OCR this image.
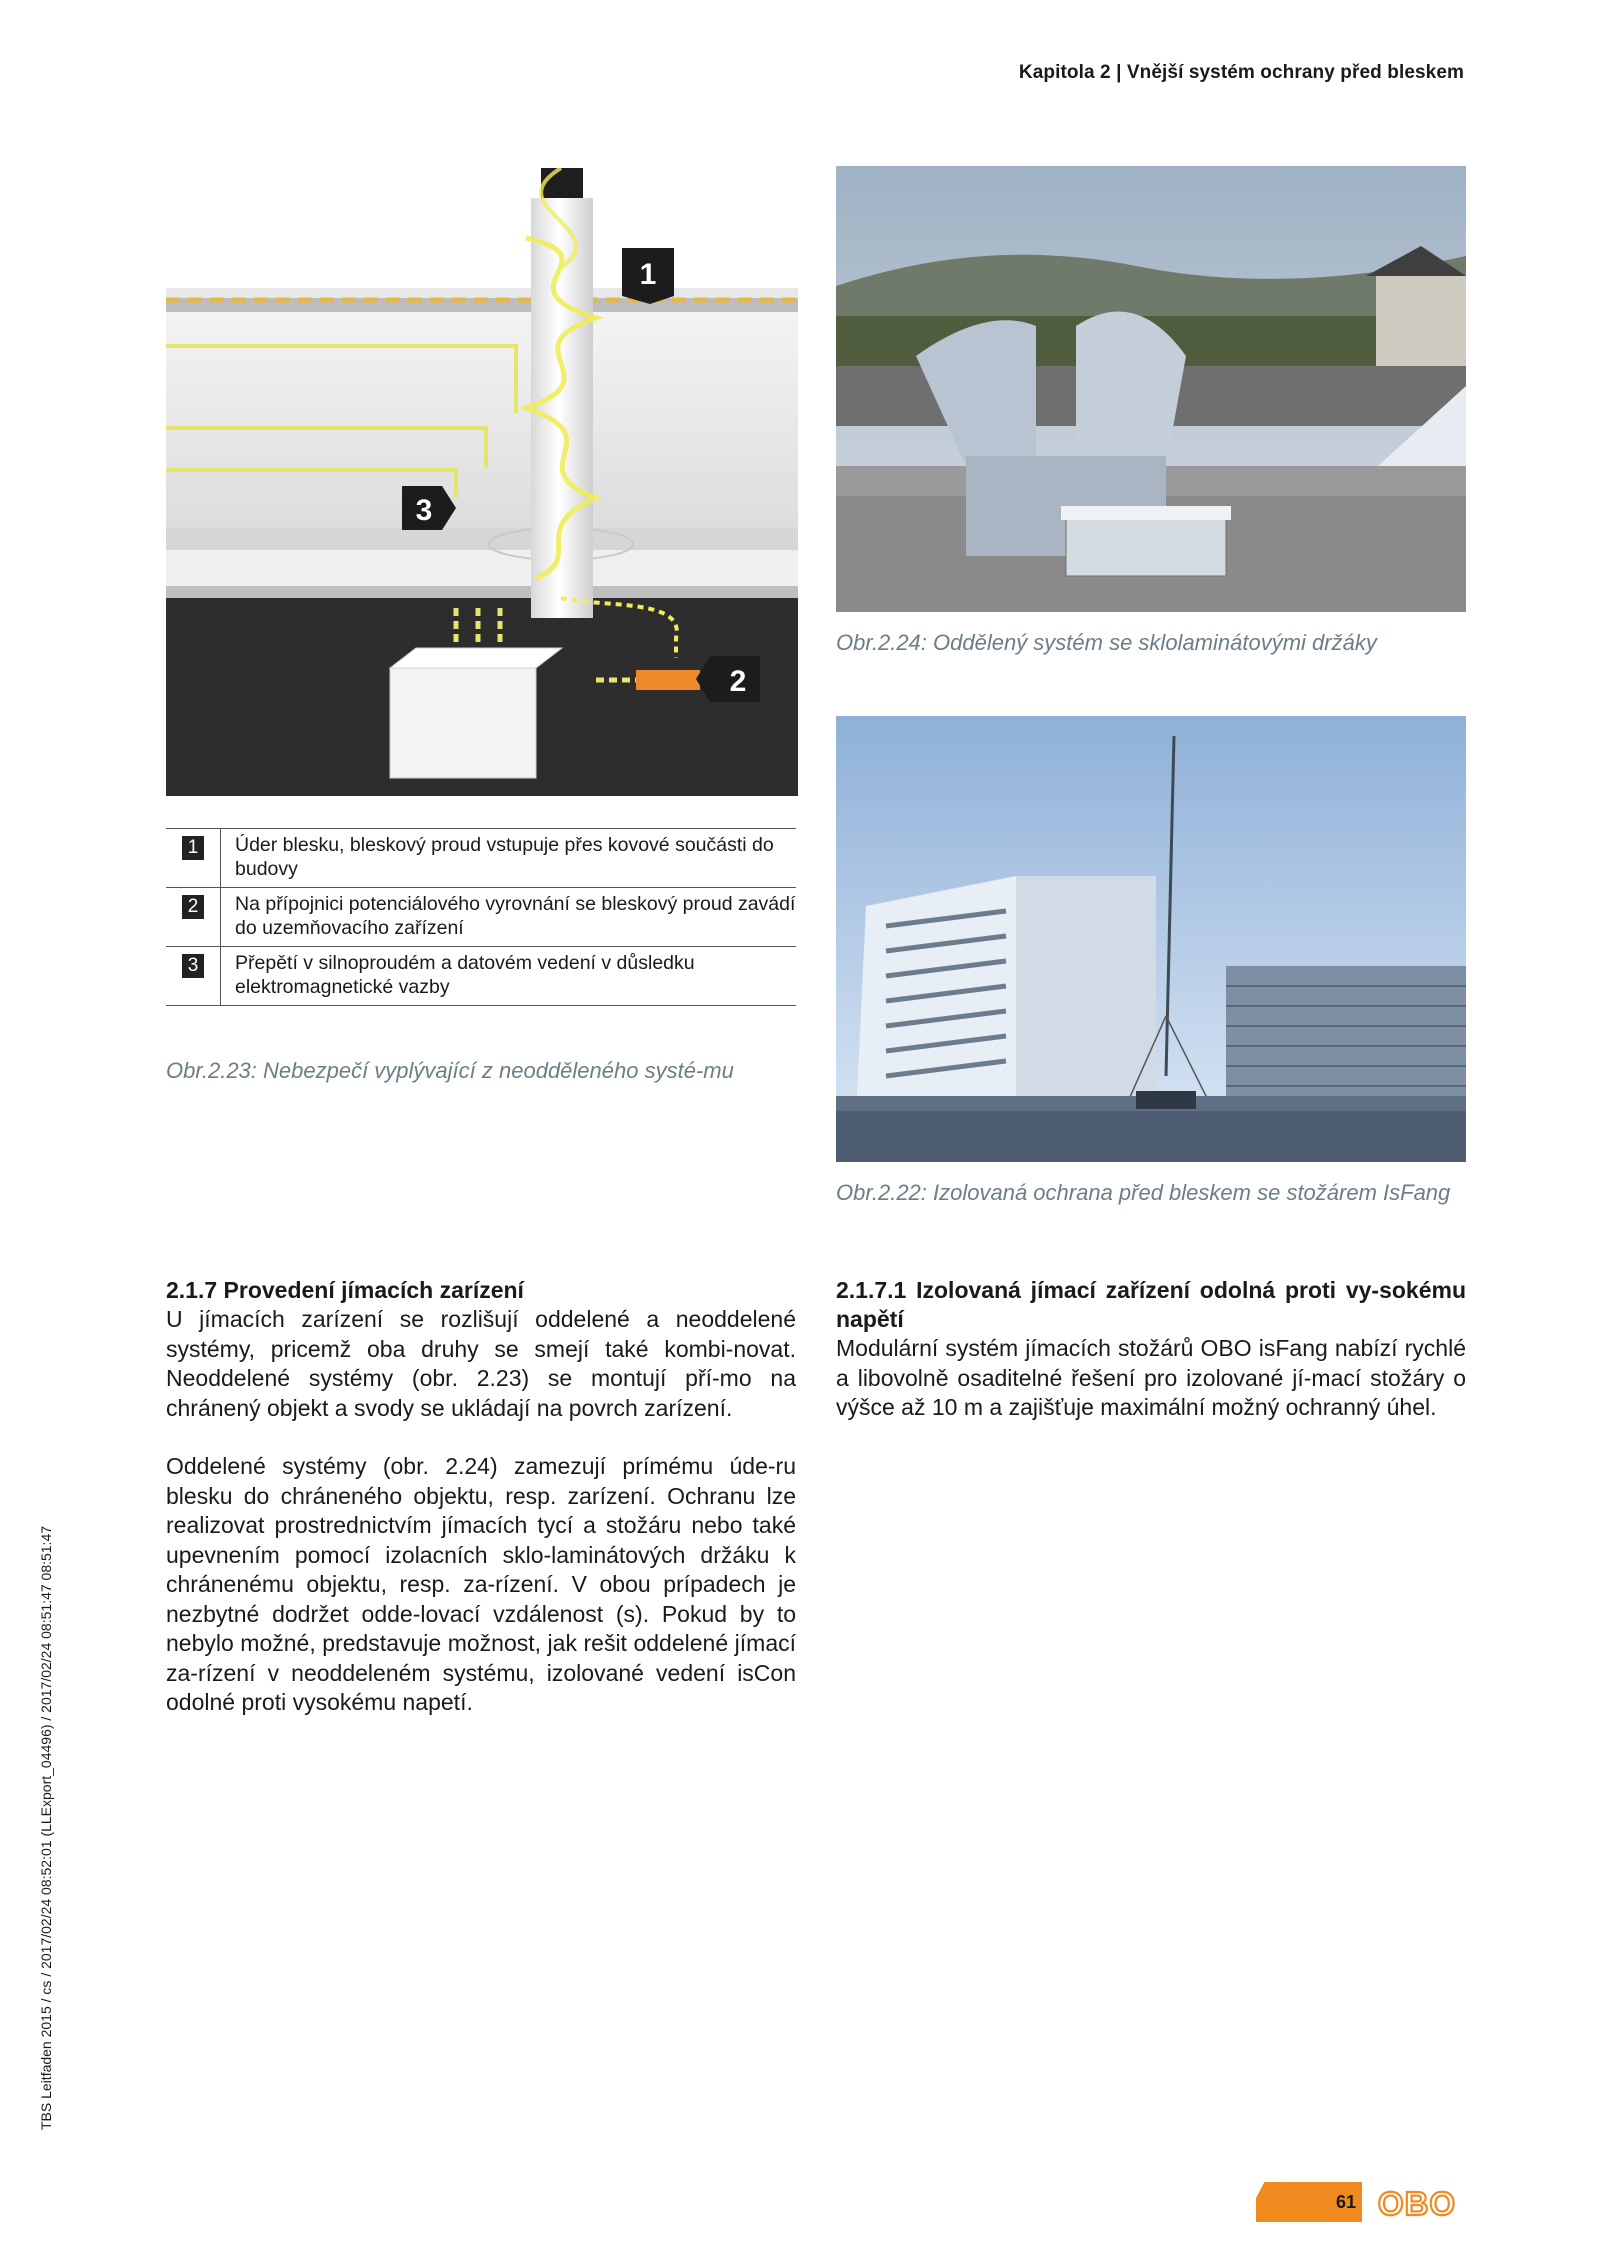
Kapitola 2 | Vnější systém ochrany před bleskem
1
3
2
1	Úder blesku, bleskový proud vstupuje přes kovové součásti do budovy
2	Na přípojnici potenciálového vyrovnání se bleskový proud zavádí do uzemňovacího zařízení
3	Přepětí v silnoproudém a datovém vedení v důsledku elektromagnetické vazby
Obr.2.23: Nebezpečí vyplývající z neodděleného systé-mu
Obr.2.24: Oddělený systém se sklolaminátovými držáky
Obr.2.22: Izolovaná ochrana před bleskem se stožárem IsFang
2.1.7 Provedení jímacích zarízení
U jímacích zarízení se rozlišují oddelené a neoddelené systémy, pricemž oba druhy se smejí také kombi-novat. Neoddelené systémy (obr. 2.23) se montují pří-mo na chránený objekt a svody se ukládají na povrch zarízení.
Oddelené systémy (obr. 2.24) zamezují prímému úde-ru blesku do chráneného objektu, resp. zarízení. Ochranu lze realizovat prostrednictvím jímacích tycí a stožáru nebo také upevnením pomocí izolacních sklo-laminátových držáku k chránenému objektu, resp. za-rízení. V obou prípadech je nezbytné dodržet odde-lovací vzdálenost (s). Pokud by to nebylo možné, predstavuje možnost, jak rešit oddelené jímací za-rízení v neoddeleném systému, izolované vedení isCon odolné proti vysokému napetí.
2.1.7.1 Izolovaná jímací zařízení odolná proti vy-sokému napětí
Modulární systém jímacích stožárů OBO isFang nabízí rychlé a libovolně osaditelné řešení pro izolované jí-mací stožáry o výšce až 10 m a zajišťuje maximální možný ochranný úhel.
TBS Leitfaden 2015 / cs / 2017/02/24 08:52:01 (LLExport_04496) / 2017/02/24 08:51:47 08:51:47
61 OBO
